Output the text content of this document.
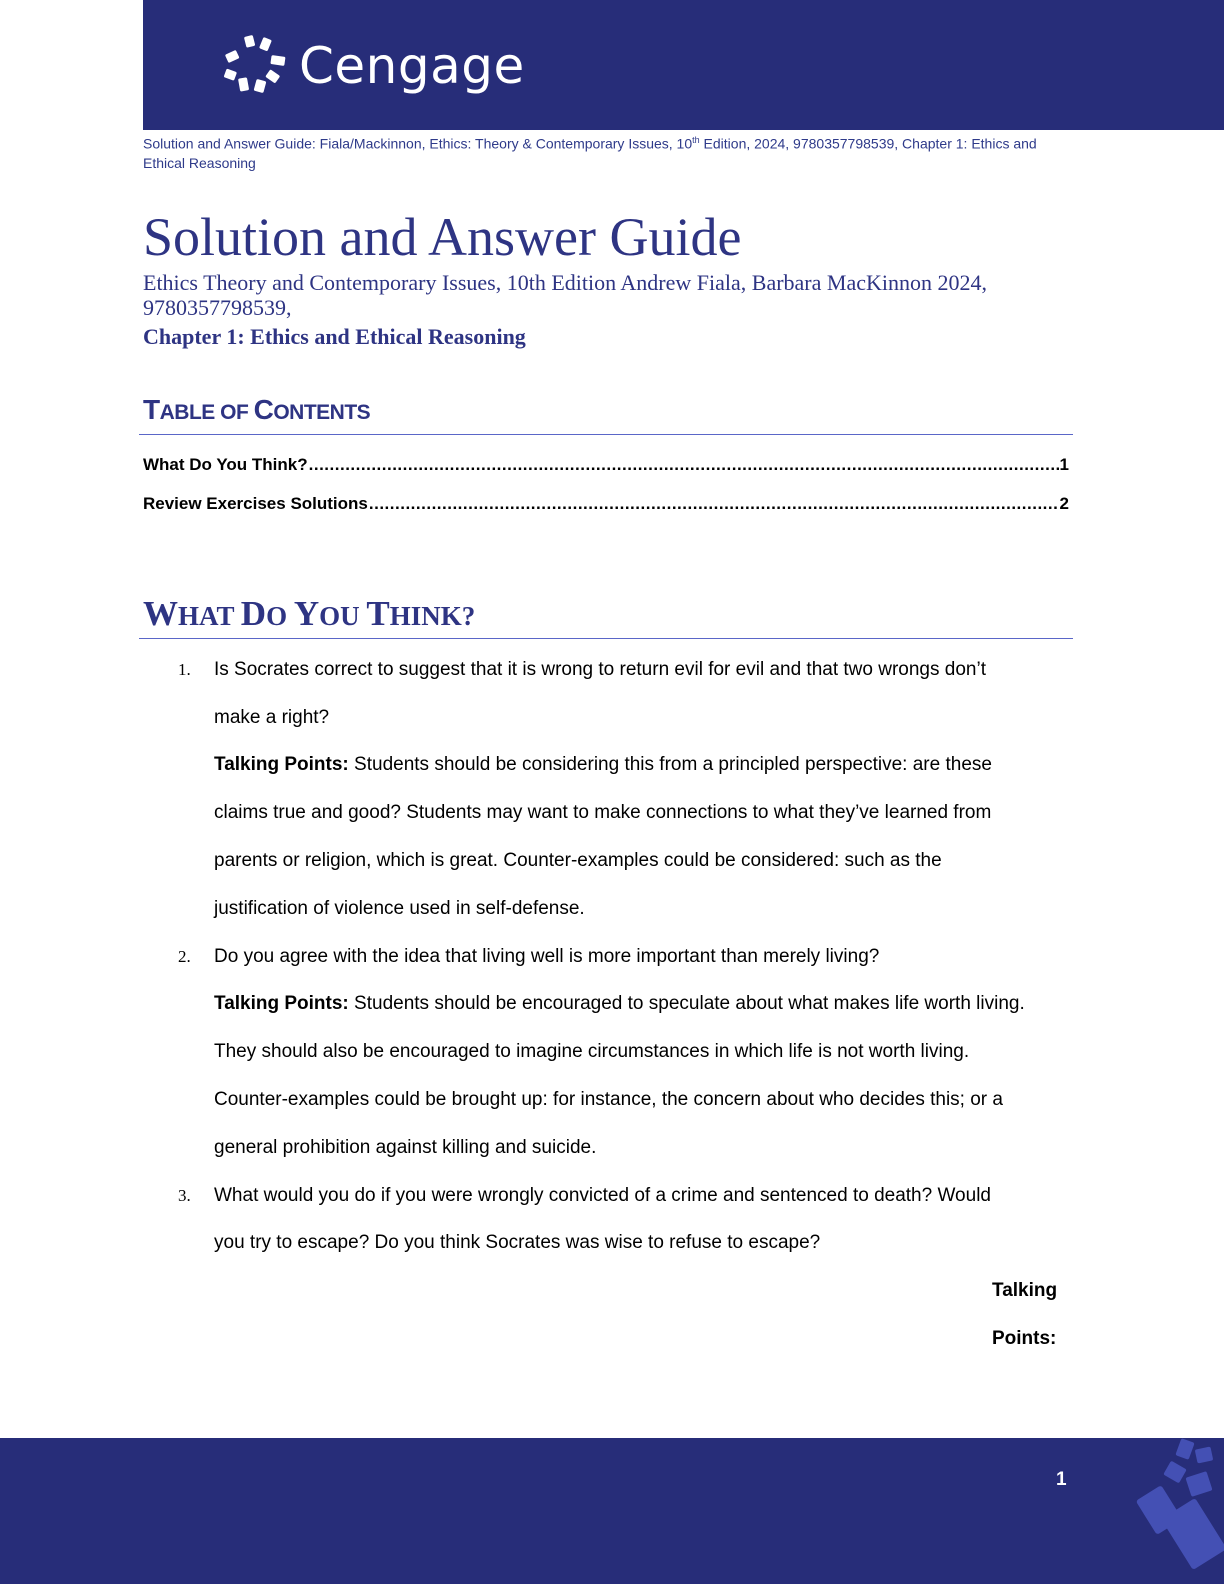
Cengage
Solution and Answer Guide: Fiala/Mackinnon, Ethics: Theory & Contemporary Issues, 10th Edition, 2024, 9780357798539, Chapter 1: Ethics and Ethical Reasoning
Solution and Answer Guide
Ethics Theory and Contemporary Issues, 10th Edition Andrew Fiala, Barbara MacKinnon 2024, 9780357798539,
Chapter 1: Ethics and Ethical Reasoning
TABLE OF CONTENTS
What Do You Think? .....	1
Review Exercises Solutions .....	2
WHAT DO YOU THINK?
1. Is Socrates correct to suggest that it is wrong to return evil for evil and that two wrongs don’t
make a right?
Talking Points: Students should be considering this from a principled perspective: are these
claims true and good? Students may want to make connections to what they’ve learned from
parents or religion, which is great. Counter-examples could be considered: such as the
justification of violence used in self-defense.
2. Do you agree with the idea that living well is more important than merely living?
Talking Points: Students should be encouraged to speculate about what makes life worth living.
They should also be encouraged to imagine circumstances in which life is not worth living.
Counter-examples could be brought up: for instance, the concern about who decides this; or a
general prohibition against killing and suicide.
3. What would you do if you were wrongly convicted of a crime and sentenced to death? Would
you try to escape? Do you think Socrates was wise to refuse to escape?
Talking
Points:
1
